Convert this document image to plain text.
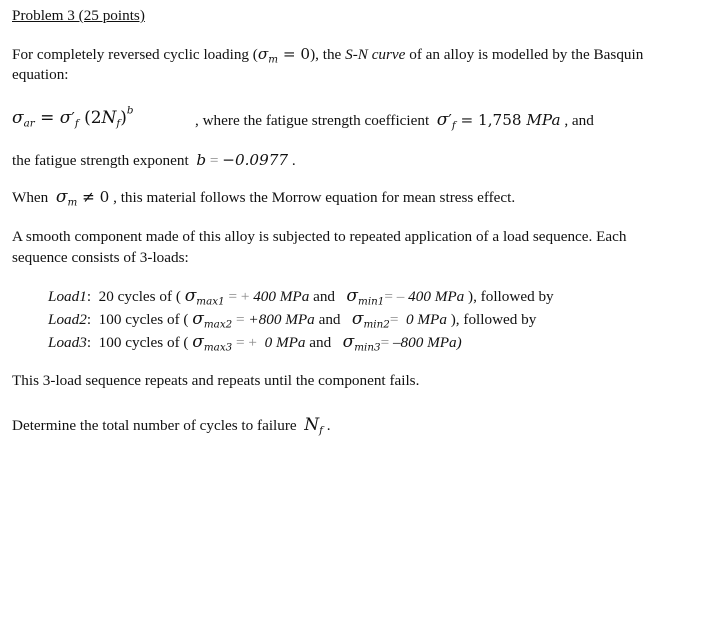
Problem 3 (25 points)
For completely reversed cyclic loading $(\sigma_m = 0)$, the S-N curve of an alloy is modelled by the Basquin
equation:
$\sigma_{ar} = \sigma'_f$ $(2N_f)^b$
, where the fatigue strength coefficient $\sigma'_f = 1,758$ MPa , and
the fatigue strength exponent b = −0.0977 .
When $\sigma_m \ne 0$ , this material follows the Morrow equation for mean stress effect.
A smooth component made of this alloy is subjected to repeated application of a load sequence. Each
sequence consists of 3-loads:
Load1: 20 cycles of ( $\sigma_{max1}$ = + 400 MPa and   $\sigma_{min1}= - 400$ MPa ), followed by
Load2: 100 cycles of ( $\sigma_{max2} = +800$ MPa and   $\sigma_{min2}= 0$ MPa ), followed by
Load3: 100 cycles of ( $\sigma_{max3}$ = +  0 MPa and   $\sigma_{min3}= -800$ MPa)
This 3-load sequence repeats and repeats until the component fails.
Determine the total number of cycles to failure $N_f$ .
